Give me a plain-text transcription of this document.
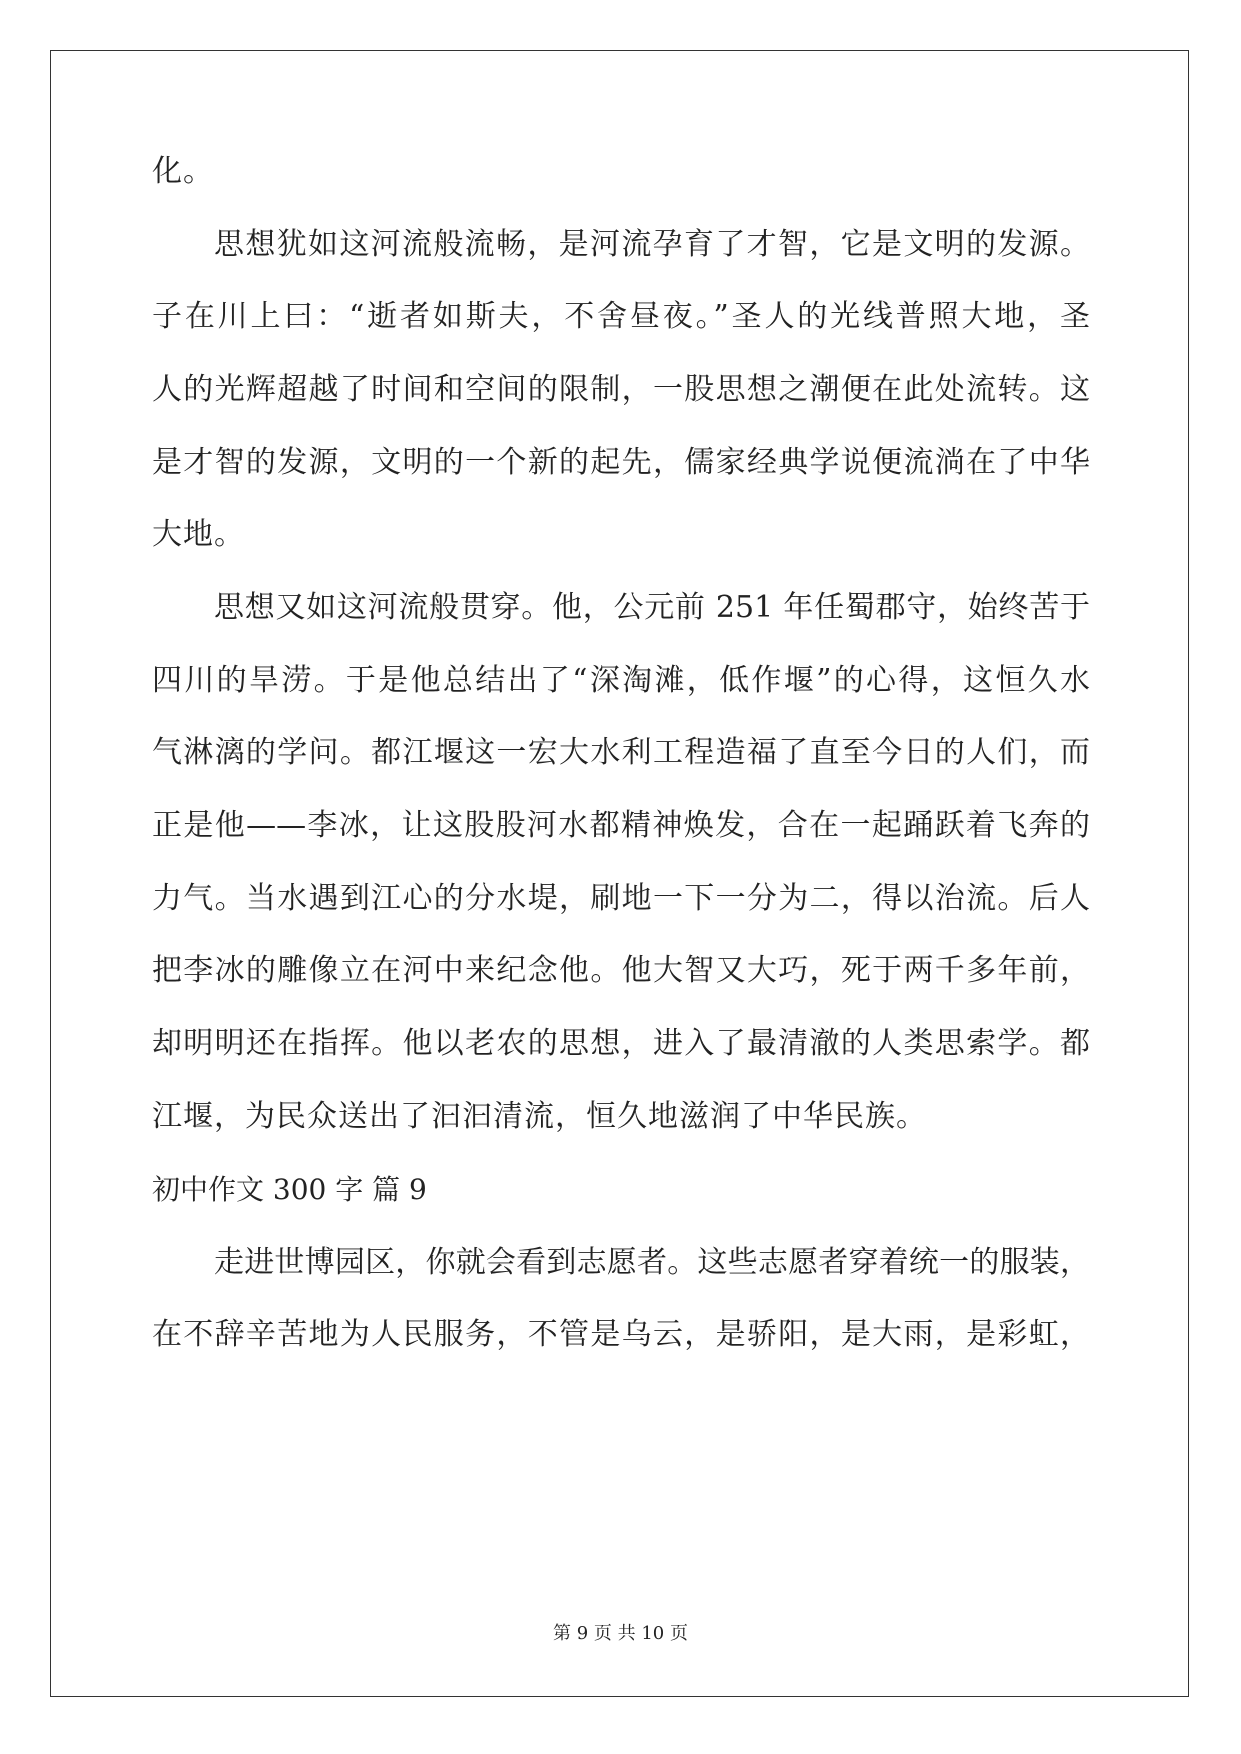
化。
思想犹如这河流般流畅，是河流孕育了才智，它是文明的发源。
子在川上曰：“逝者如斯夫，不舍昼夜。”圣人的光线普照大地，圣
人的光辉超越了时间和空间的限制，一股思想之潮便在此处流转。这
是才智的发源，文明的一个新的起先，儒家经典学说便流淌在了中华
大地。
思想又如这河流般贯穿。他，公元前 251 年任蜀郡守，始终苦于
四川的旱涝。于是他总结出了“深淘滩，低作堰”的心得，这恒久水
气淋漓的学问。都江堰这一宏大水利工程造福了直至今日的人们，而
正是他——李冰，让这股股河水都精神焕发，合在一起踊跃着飞奔的
力气。当水遇到江心的分水堤，刷地一下一分为二，得以治流。后人
把李冰的雕像立在河中来纪念他。他大智又大巧，死于两千多年前，
却明明还在指挥。他以老农的思想，进入了最清澈的人类思索学。都
江堰，为民众送出了汩汩清流，恒久地滋润了中华民族。
初中作文 300 字 篇 9
走进世博园区，你就会看到志愿者。这些志愿者穿着统一的服装，
在不辞辛苦地为人民服务，不管是乌云，是骄阳，是大雨，是彩虹，
第 9 页 共 10 页
